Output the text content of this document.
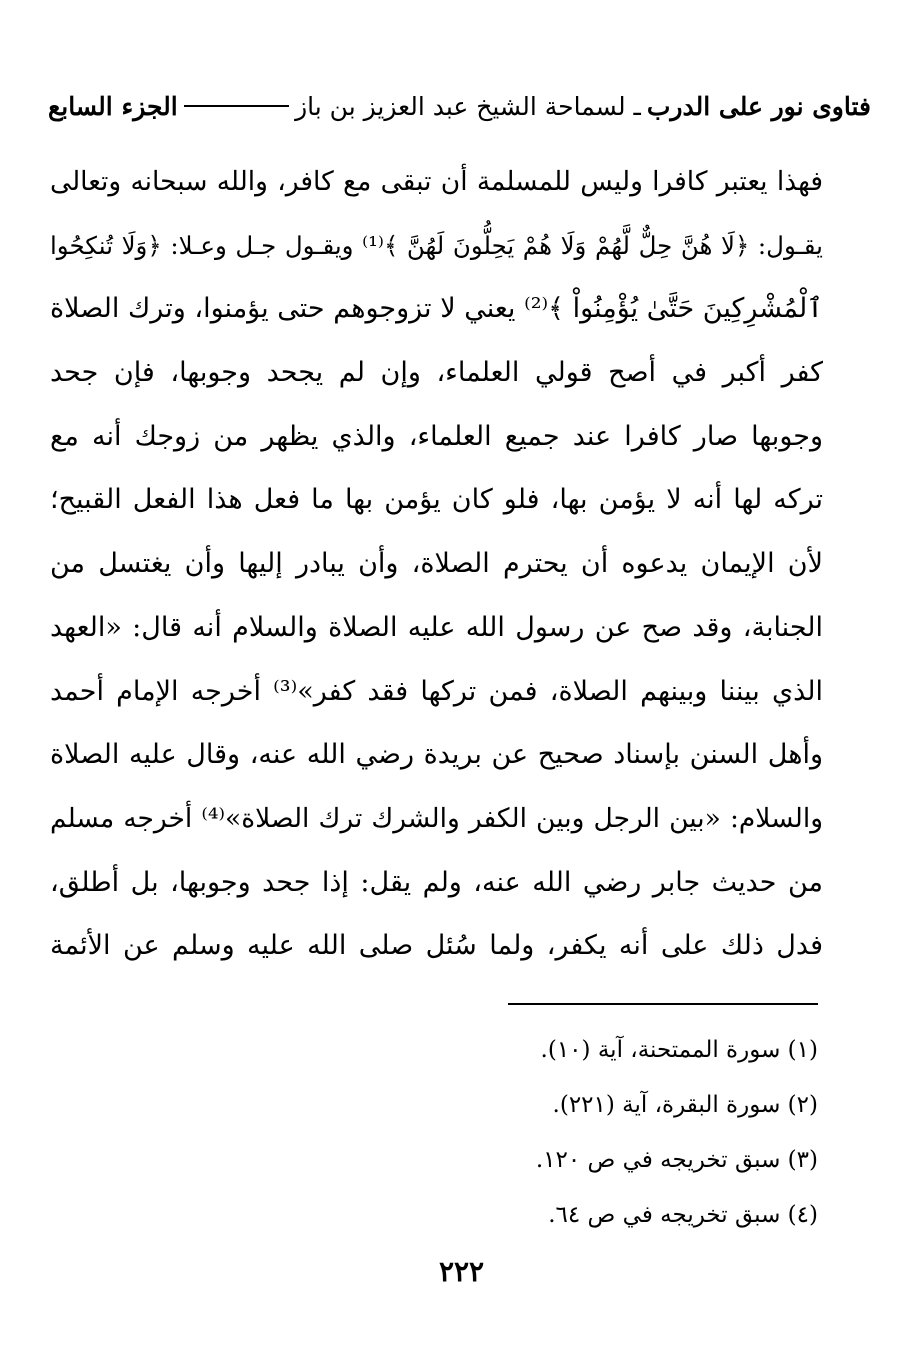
فتاوى نور على الدرب
ـ لسماحة الشيخ عبد العزيز بن باز
الجزء السابع
فهذا يعتبر كافرا وليس للمسلمة أن تبقى مع كافر، والله سبحانه وتعالى
يقـول: ﴿لَا هُنَّ حِلٌّ لَّهُمْ وَلَا هُمْ يَحِلُّونَ لَهُنَّ ﴾⁽¹⁾ ويقـول جـل وعـلا: ﴿وَلَا تُنكِحُوا
ٱلْمُشْرِكِينَ حَتَّىٰ يُؤْمِنُواْ ﴾⁽²⁾ يعني لا تزوجوهم حتى يؤمنوا، وترك الصلاة
كفر أكبر في أصح قولي العلماء، وإن لم يجحد وجوبها، فإن جحد
وجوبها صار كافرا عند جميع العلماء، والذي يظهر من زوجك أنه مع
تركه لها أنه لا يؤمن بها، فلو كان يؤمن بها ما فعل هذا الفعل القبيح؛
لأن الإيمان يدعوه أن يحترم الصلاة، وأن يبادر إليها وأن يغتسل من
الجنابة، وقد صح عن رسول الله عليه الصلاة والسلام أنه قال: «العهد
الذي بيننا وبينهم الصلاة، فمن تركها فقد كفر»⁽³⁾ أخرجه الإمام أحمد
وأهل السنن بإسناد صحيح عن بريدة رضي الله عنه، وقال عليه الصلاة
والسلام: «بين الرجل وبين الكفر والشرك ترك الصلاة»⁽⁴⁾ أخرجه مسلم
من حديث جابر رضي الله عنه، ولم يقل: إذا جحد وجوبها، بل أطلق،
فدل ذلك على أنه يكفر، ولما سُئل صلى الله عليه وسلم عن الأئمة
(١) سورة الممتحنة، آية (١٠).
(٢) سورة البقرة، آية (٢٢١).
(٣) سبق تخريجه في ص ١٢٠.
(٤) سبق تخريجه في ص ٦٤.
٢٢٢
